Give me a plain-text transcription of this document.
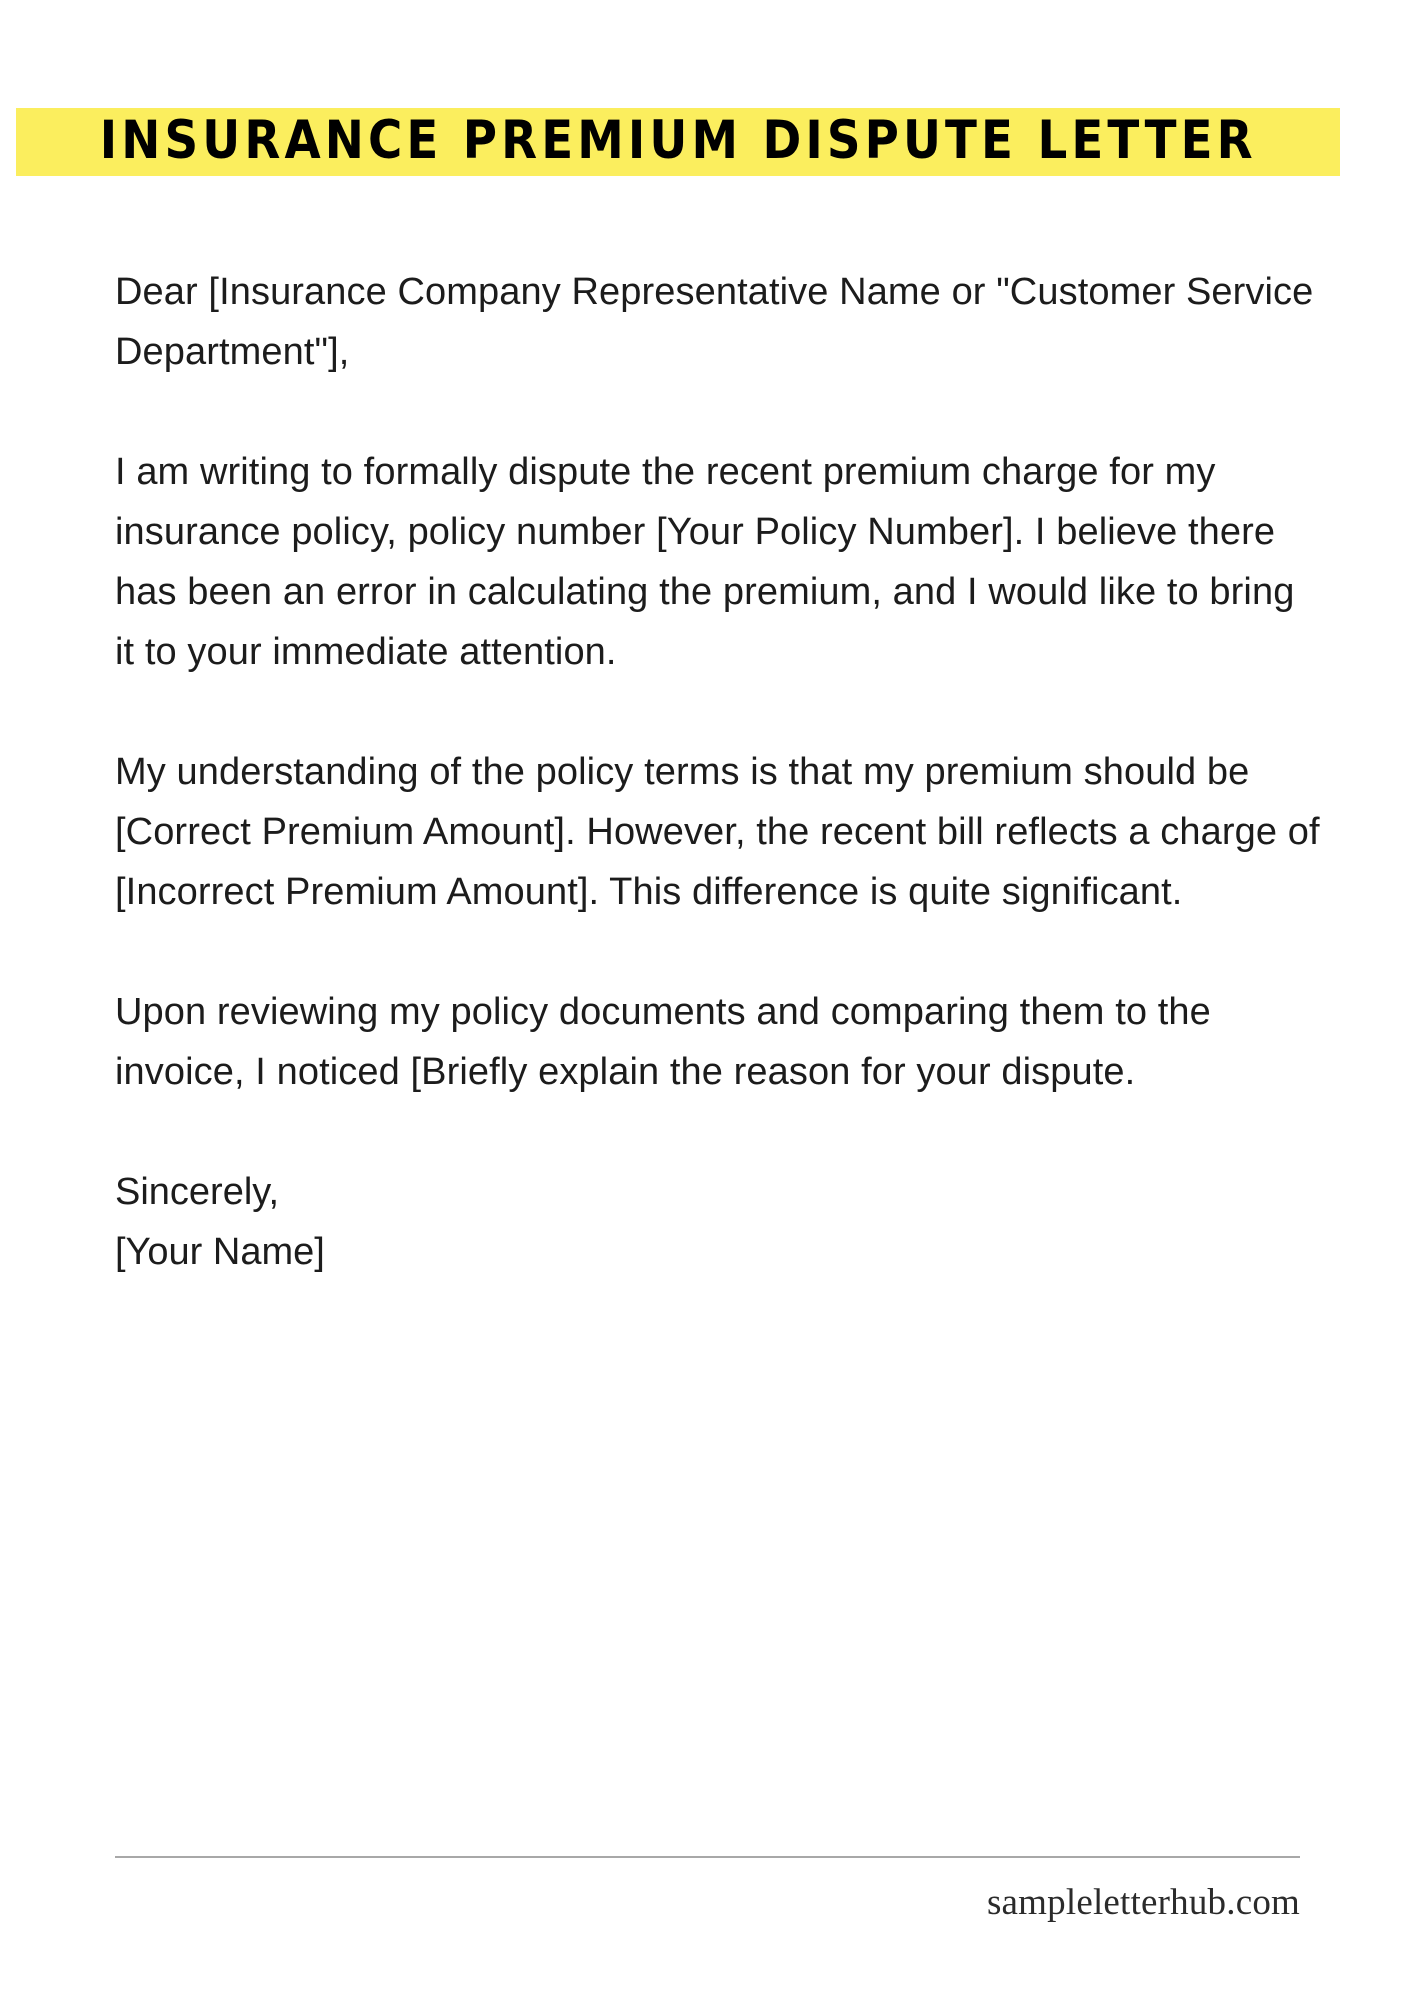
INSURANCE PREMIUM DISPUTE LETTER

Dear [Insurance Company Representative Name or "Customer Service Department"],

I am writing to formally dispute the recent premium charge for my insurance policy, policy number [Your Policy Number]. I believe there has been an error in calculating the premium, and I would like to bring it to your immediate attention.

My understanding of the policy terms is that my premium should be [Correct Premium Amount]. However, the recent bill reflects a charge of [Incorrect Premium Amount]. This difference is quite significant.

Upon reviewing my policy documents and comparing them to the invoice, I noticed [Briefly explain the reason for your dispute.

Sincerely,

[Your Name]

sampleletterhub.com
